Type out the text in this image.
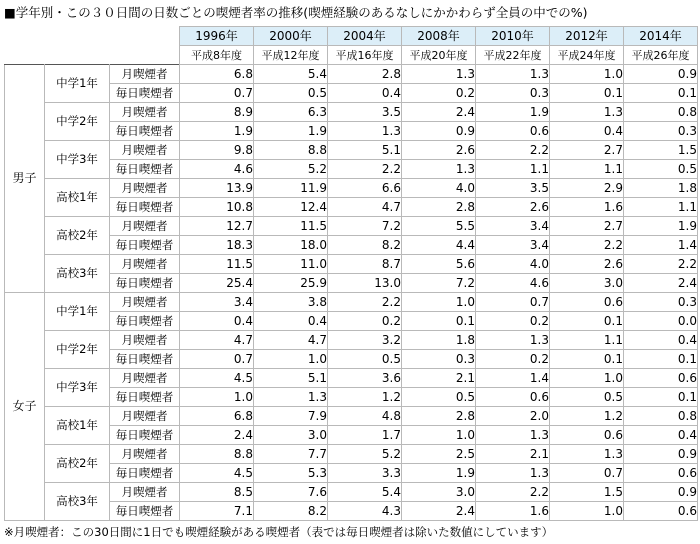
■学年別・この３０日間の日数ごとの喫煙者率の推移(喫煙経験のあるなしにかかわらず全員の中での%)
			1996年	2000年	2004年	2008年	2010年	2012年	2014年
			平成8年度	平成12年度	平成16年度	平成20年度	平成22年度	平成24年度	平成26年度
男子	中学1年	月喫煙者	6.8	5.4	2.8	1.3	1.3	1.0	0.9
		毎日喫煙者	0.7	0.5	0.4	0.2	0.3	0.1	0.1
	中学2年	月喫煙者	8.9	6.3	3.5	2.4	1.9	1.3	0.8
		毎日喫煙者	1.9	1.9	1.3	0.9	0.6	0.4	0.3
	中学3年	月喫煙者	9.8	8.8	5.1	2.6	2.2	2.7	1.5
		毎日喫煙者	4.6	5.2	2.2	1.3	1.1	1.1	0.5
	高校1年	月喫煙者	13.9	11.9	6.6	4.0	3.5	2.9	1.8
		毎日喫煙者	10.8	12.4	4.7	2.8	2.6	1.6	1.1
	高校2年	月喫煙者	12.7	11.5	7.2	5.5	3.4	2.7	1.9
		毎日喫煙者	18.3	18.0	8.2	4.4	3.4	2.2	1.4
	高校3年	月喫煙者	11.5	11.0	8.7	5.6	4.0	2.6	2.2
		毎日喫煙者	25.4	25.9	13.0	7.2	4.6	3.0	2.4
女子	中学1年	月喫煙者	3.4	3.8	2.2	1.0	0.7	0.6	0.3
		毎日喫煙者	0.4	0.4	0.2	0.1	0.2	0.1	0.0
	中学2年	月喫煙者	4.7	4.7	3.2	1.8	1.3	1.1	0.4
		毎日喫煙者	0.7	1.0	0.5	0.3	0.2	0.1	0.1
	中学3年	月喫煙者	4.5	5.1	3.6	2.1	1.4	1.0	0.6
		毎日喫煙者	1.0	1.3	1.2	0.5	0.6	0.5	0.1
	高校1年	月喫煙者	6.8	7.9	4.8	2.8	2.0	1.2	0.8
		毎日喫煙者	2.4	3.0	1.7	1.0	1.3	0.6	0.4
	高校2年	月喫煙者	8.8	7.7	5.2	2.5	2.1	1.3	0.9
		毎日喫煙者	4.5	5.3	3.3	1.9	1.3	0.7	0.6
	高校3年	月喫煙者	8.5	7.6	5.4	3.0	2.2	1.5	0.9
		毎日喫煙者	7.1	8.2	4.3	2.4	1.6	1.0	0.6
※月喫煙者：この30日間に1日でも喫煙経験がある喫煙者（表では毎日喫煙者は除いた数値にしています）
